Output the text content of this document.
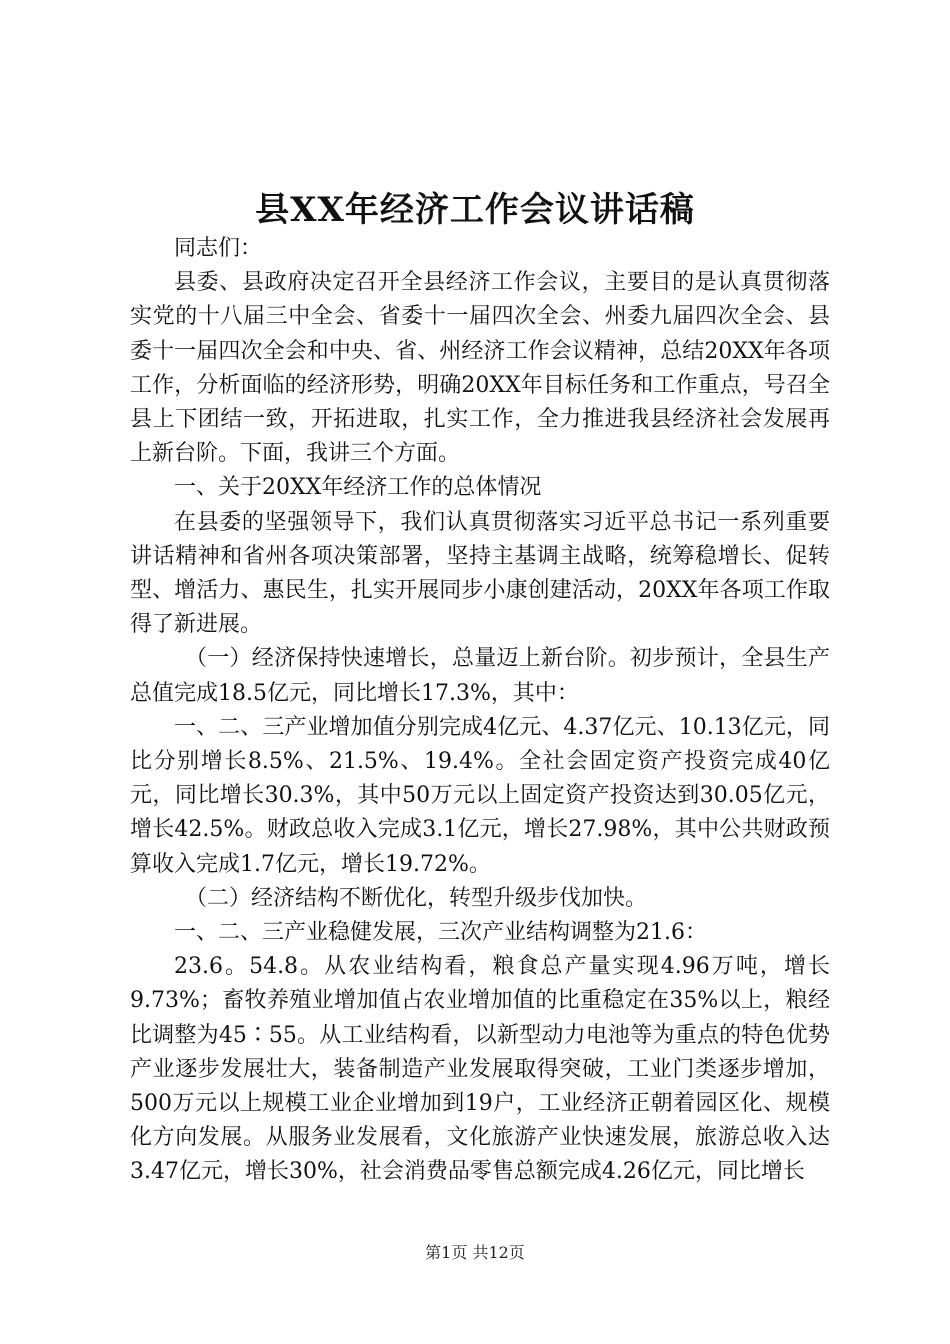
县XX年经济工作会议讲话稿

同志们：

县委、县政府决定召开全县经济工作会议，主要目的是认真贯彻落实党的十八届三中全会、省委十一届四次全会、州委九届四次全会、县委十一届四次全会和中央、省、州经济工作会议精神，总结20XX年各项工作，分析面临的经济形势，明确20XX年目标任务和工作重点，号召全县上下团结一致，开拓进取，扎实工作，全力推进我县经济社会发展再上新台阶。下面，我讲三个方面。

一、关于20XX年经济工作的总体情况

在县委的坚强领导下，我们认真贯彻落实习近平总书记一系列重要讲话精神和省州各项决策部署，坚持主基调主战略，统筹稳增长、促转型、增活力、惠民生，扎实开展同步小康创建活动，20XX年各项工作取得了新进展。

（一）经济保持快速增长，总量迈上新台阶。初步预计，全县生产总值完成18.5亿元，同比增长17.3%，其中：

一、二、三产业增加值分别完成4亿元、4.37亿元、10.13亿元，同比分别增长8.5%、21.5%、19.4%。全社会固定资产投资完成40亿元，同比增长30.3%，其中50万元以上固定资产投资达到30.05亿元，增长42.5%。财政总收入完成3.1亿元，增长27.98%，其中公共财政预算收入完成1.7亿元，增长19.72%。

（二）经济结构不断优化，转型升级步伐加快。

一、二、三产业稳健发展，三次产业结构调整为21.6：

23.6。54.8。从农业结构看，粮食总产量实现4.96万吨，增长9.73%；畜牧养殖业增加值占农业增加值的比重稳定在35%以上，粮经比调整为45∶55。从工业结构看，以新型动力电池等为重点的特色优势产业逐步发展壮大，装备制造产业发展取得突破，工业门类逐步增加，500万元以上规模工业企业增加到19户，工业经济正朝着园区化、规模化方向发展。从服务业发展看，文化旅游产业快速发展，旅游总收入达3.47亿元，增长30%，社会消费品零售总额完成4.26亿元，同比增长

第1页 共12页
